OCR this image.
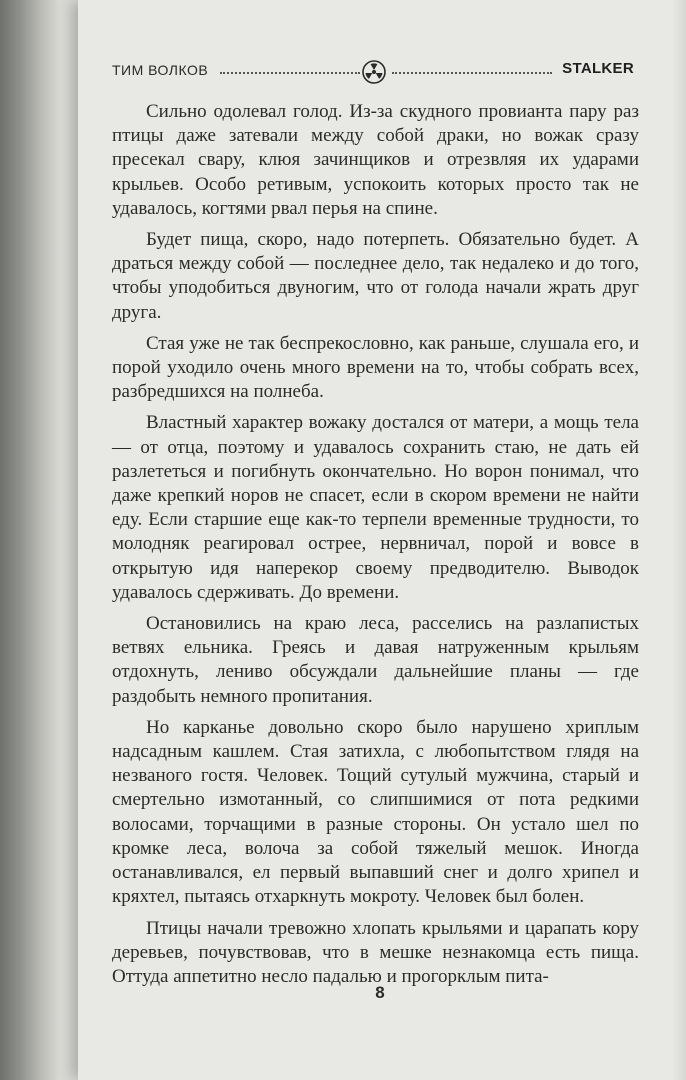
ТИМ ВОЛКОВ	STALKER

Сильно одолевал голод. Из-за скудного провианта пару раз птицы даже затевали между собой драки, но вожак сразу пресекал свару, клюя зачинщиков и отрезвляя их ударами крыльев. Особо ретивым, успокоить которых просто так не удавалось, когтями рвал перья на спине.

Будет пища, скоро, надо потерпеть. Обязательно будет. А драться между собой — последнее дело, так недалеко и до того, чтобы уподобиться двуногим, что от голода начали жрать друг друга.

Стая уже не так беспрекословно, как раньше, слушала его, и порой уходило очень много времени на то, чтобы собрать всех, разбредшихся на полнеба.

Властный характер вожаку достался от матери, а мощь тела — от отца, поэтому и удавалось сохранить стаю, не дать ей разлететься и погибнуть окончательно. Но ворон понимал, что даже крепкий норов не спасет, если в скором времени не найти еду. Если старшие еще как-то терпели временные трудности, то молодняк реагировал острее, нервничал, порой и вовсе в открытую идя наперекор своему предводителю. Выводок удавалось сдерживать. До времени.

Остановились на краю леса, расселись на разлапистых ветвях ельника. Греясь и давая натруженным крыльям отдохнуть, лениво обсуждали дальнейшие планы — где раздобыть немного пропитания.

Но карканье довольно скоро было нарушено хриплым надсадным кашлем. Стая затихла, с любопытством глядя на незваного гостя. Человек. Тощий сутулый мужчина, старый и смертельно измотанный, со слипшимися от пота редкими волосами, торчащими в разные стороны. Он устало шел по кромке леса, волоча за собой тяжелый мешок. Иногда останавливался, ел первый выпавший снег и долго хрипел и кряхтел, пытаясь отхаркнуть мокроту. Человек был болен.

Птицы начали тревожно хлопать крыльями и царапать кору деревьев, почувствовав, что в мешке незнакомца есть пища. Оттуда аппетитно несло падалью и прогорклым пита-

8
